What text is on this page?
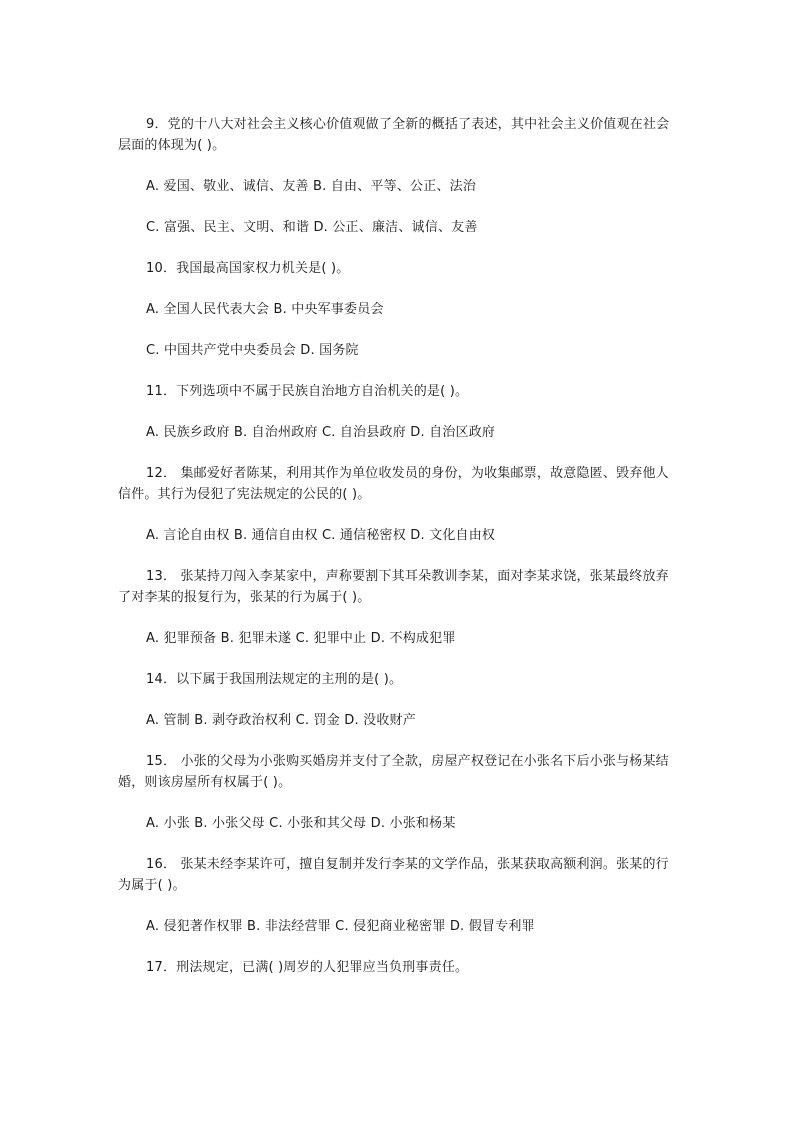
9．党的十八大对社会主义核心价值观做了全新的概括了表述，其中社会主义价值观在社会层面的体现为( )。

A. 爱国、敬业、诚信、友善 B. 自由、平等、公正、法治

C. 富强、民主、文明、和谐 D. 公正、廉洁、诚信、友善

10．我国最高国家权力机关是( )。

A. 全国人民代表大会 B. 中央军事委员会

C. 中国共产党中央委员会 D. 国务院

11．下列选项中不属于民族自治地方自治机关的是( )。

A. 民族乡政府 B. 自治州政府 C. 自治县政府 D. 自治区政府

12． 集邮爱好者陈某，利用其作为单位收发员的身份，为收集邮票，故意隐匿、毁弃他人信件。其行为侵犯了宪法规定的公民的( )。

A. 言论自由权 B. 通信自由权 C. 通信秘密权 D. 文化自由权

13． 张某持刀闯入李某家中，声称要割下其耳朵教训李某，面对李某求饶，张某最终放弃了对李某的报复行为，张某的行为属于( )。

A. 犯罪预备 B. 犯罪未遂 C. 犯罪中止 D. 不构成犯罪

14．以下属于我国刑法规定的主刑的是( )。

A. 管制 B. 剥夺政治权利 C. 罚金 D. 没收财产

15． 小张的父母为小张购买婚房并支付了全款，房屋产权登记在小张名下后小张与杨某结婚，则该房屋所有权属于( )。

A. 小张 B. 小张父母 C. 小张和其父母 D. 小张和杨某

16． 张某未经李某许可，擅自复制并发行李某的文学作品，张某获取高额利润。张某的行为属于( )。

A. 侵犯著作权罪 B. 非法经营罪 C. 侵犯商业秘密罪 D. 假冒专利罪

17．刑法规定，已满( )周岁的人犯罪应当负刑事责任。
